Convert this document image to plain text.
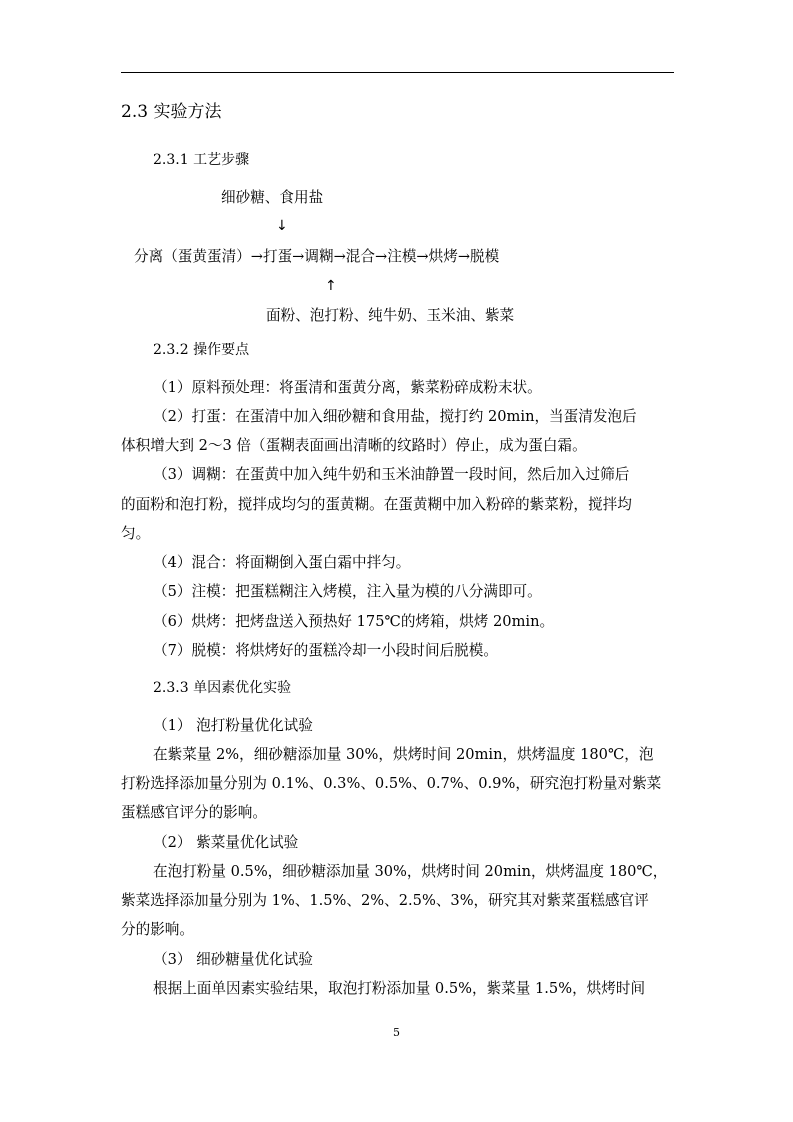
2.3 实验方法
2.3.1 工艺步骤
细砂糖、食用盐
↓
分离（蛋黄蛋清）→打蛋→调糊→混合→注模→烘烤→脱模
↑
面粉、泡打粉、纯牛奶、玉米油、紫菜
2.3.2 操作要点
（1）原料预处理：将蛋清和蛋黄分离，紫菜粉碎成粉末状。
（2）打蛋：在蛋清中加入细砂糖和食用盐，搅打约 20min，当蛋清发泡后
体积增大到 2～3 倍（蛋糊表面画出清晰的纹路时）停止，成为蛋白霜。
（3）调糊：在蛋黄中加入纯牛奶和玉米油静置一段时间，然后加入过筛后
的面粉和泡打粉，搅拌成均匀的蛋黄糊。在蛋黄糊中加入粉碎的紫菜粉，搅拌均
匀。
（4）混合：将面糊倒入蛋白霜中拌匀。
（5）注模：把蛋糕糊注入烤模，注入量为模的八分满即可。
（6）烘烤：把烤盘送入预热好 175℃的烤箱，烘烤 20min。
（7）脱模：将烘烤好的蛋糕冷却一小段时间后脱模。
2.3.3 单因素优化实验
（1） 泡打粉量优化试验
在紫菜量 2%，细砂糖添加量 30%，烘烤时间 20min，烘烤温度 180℃，泡
打粉选择添加量分别为 0.1%、0.3%、0.5%、0.7%、0.9%，研究泡打粉量对紫菜
蛋糕感官评分的影响。
（2） 紫菜量优化试验
在泡打粉量 0.5%，细砂糖添加量 30%，烘烤时间 20min，烘烤温度 180℃，
紫菜选择添加量分别为 1%、1.5%、2%、2.5%、3%，研究其对紫菜蛋糕感官评
分的影响。
（3） 细砂糖量优化试验
根据上面单因素实验结果，取泡打粉添加量 0.5%，紫菜量 1.5%，烘烤时间
5
